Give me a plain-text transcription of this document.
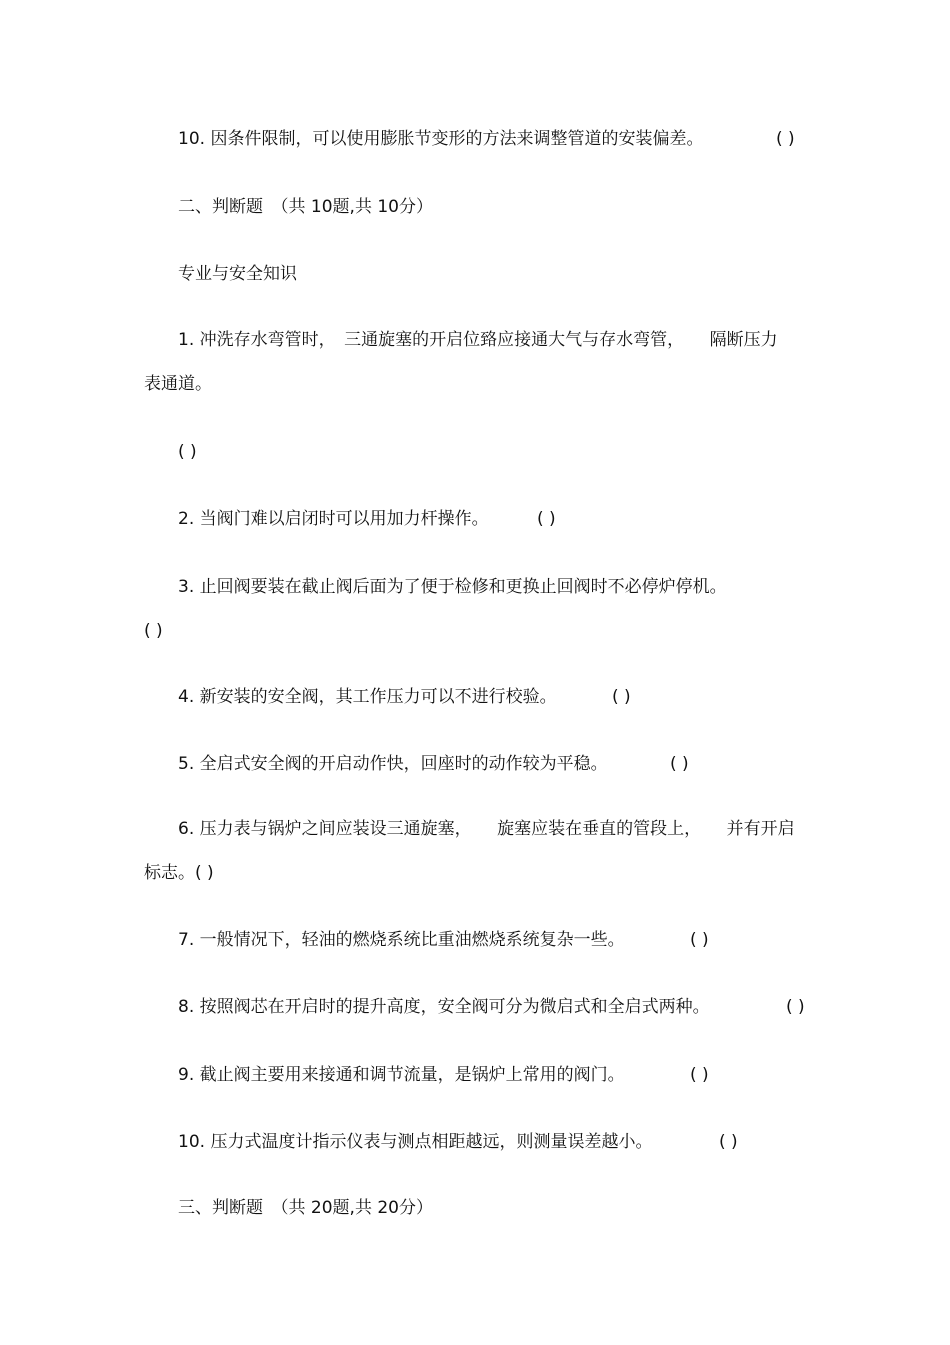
10. 因条件限制，可以使用膨胀节变形的方法来调整管道的安装偏差。	( )
二、判断题　（共 10题,共 10分）
专业与安全知识
1. 冲洗存水弯管时，　三通旋塞的开启位臵应接通大气与存水弯管，　　隔断压力
表通道。
( )
2. 当阀门难以启闭时可以用加力杆操作。	( )
3. 止回阀要装在截止阀后面为了便于检修和更换止回阀时不必停炉停机。
( )
4. 新安装的安全阀，其工作压力可以不进行校验。	( )
5. 全启式安全阀的开启动作快，回座时的动作较为平稳。	( )
6. 压力表与锅炉之间应装设三通旋塞，　　旋塞应装在垂直的管段上，　　并有开启
标志。( )
7. 一般情况下，轻油的燃烧系统比重油燃烧系统复杂一些。	( )
8. 按照阀芯在开启时的提升高度，安全阀可分为微启式和全启式两种。	( )
9. 截止阀主要用来接通和调节流量，是锅炉上常用的阀门。	( )
10. 压力式温度计指示仪表与测点相距越远，则测量误差越小。	( )
三、判断题　（共 20题,共 20分）
